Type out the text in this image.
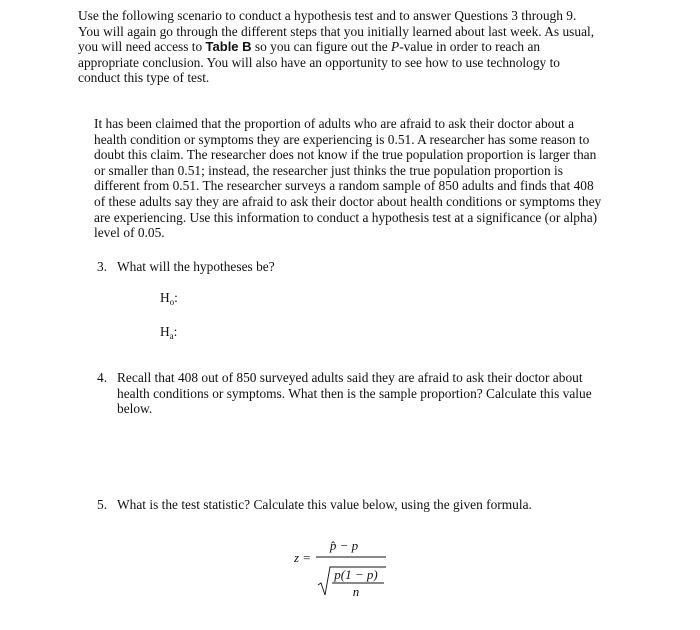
Use the following scenario to conduct a hypothesis test and to answer Questions 3 through 9.
You will again go through the different steps that you initially learned about last week. As usual,
you will need access to Table B so you can figure out the P-value in order to reach an
appropriate conclusion. You will also have an opportunity to see how to use technology to
conduct this type of test.
It has been claimed that the proportion of adults who are afraid to ask their doctor about a
health condition or symptoms they are experiencing is 0.51. A researcher has some reason to
doubt this claim. The researcher does not know if the true population proportion is larger than
or smaller than 0.51; instead, the researcher just thinks the true population proportion is
different from 0.51. The researcher surveys a random sample of 850 adults and finds that 408
of these adults say they are afraid to ask their doctor about health conditions or symptoms they
are experiencing. Use this information to conduct a hypothesis test at a significance (or alpha)
level of 0.05.
3. What will the hypotheses be?
$H_o$:
$H_a$:
4. Recall that 408 out of 850 surveyed adults said they are afraid to ask their doctor about
health conditions or symptoms. What then is the sample proportion? Calculate this value
below.
5. What is the test statistic? Calculate this value below, using the given formula.
z =
p̂ − p
p(1 − p)
n
